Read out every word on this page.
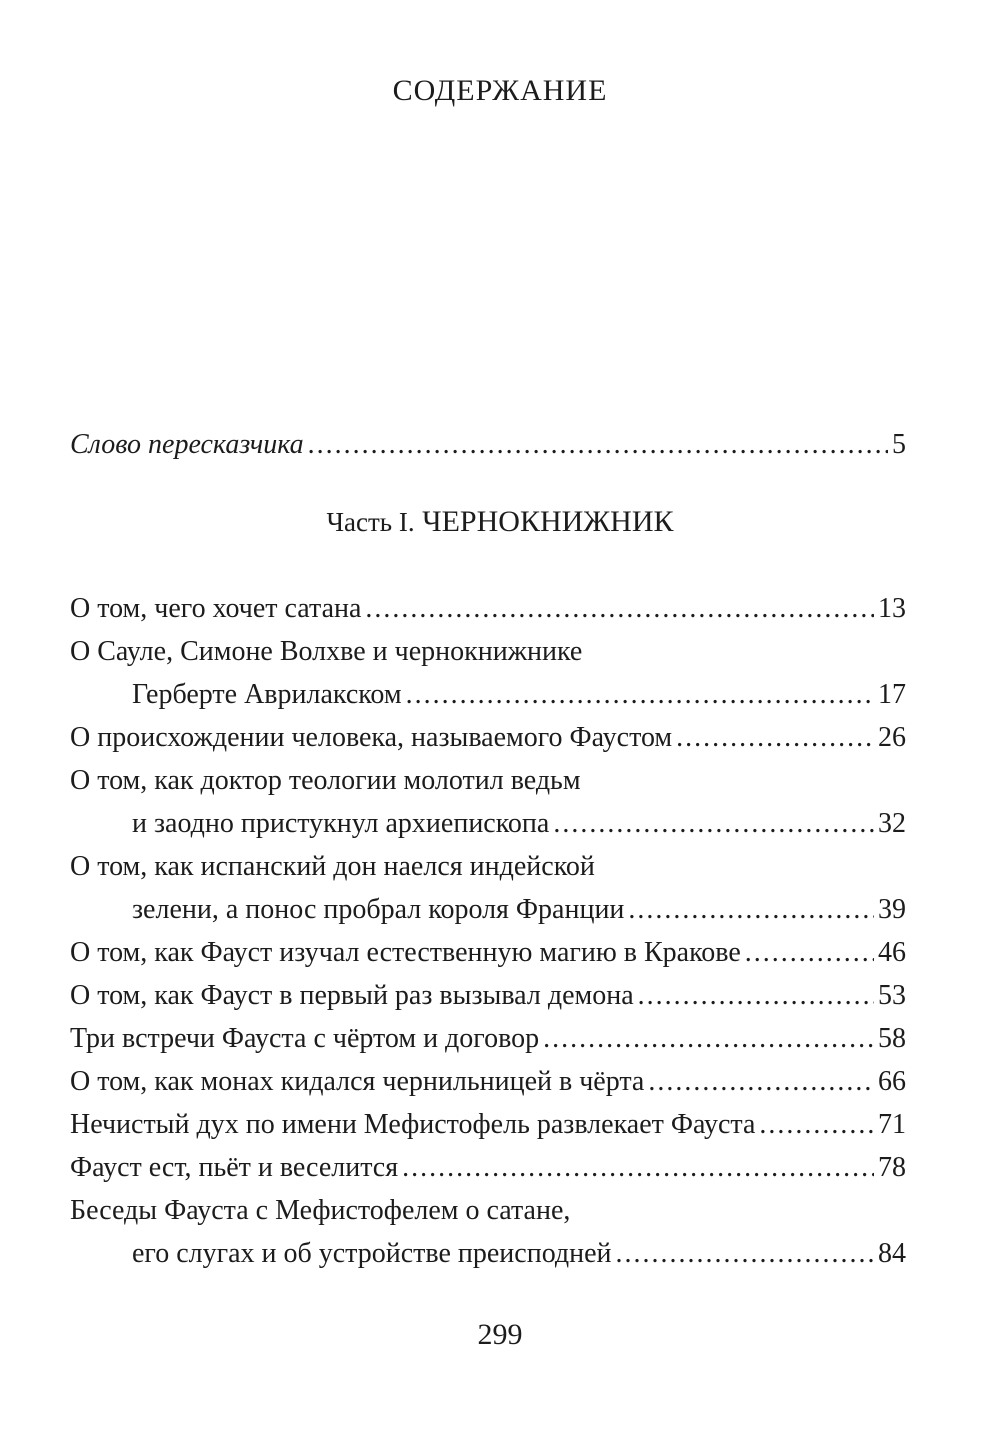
СОДЕРЖАНИЕ
Слово пересказчика .....	5
Часть I. ЧЕРНОКНИЖНИК
О том, чего хочет сатана .....	13
О Сауле, Симоне Волхве и чернокнижнике
Герберте Аврилакском .....	17
О происхождении человека, называемого Фаустом .....	26
О том, как доктор теологии молотил ведьм
и заодно пристукнул архиепископа .....	32
О том, как испанский дон наелся индейской
зелени, а понос пробрал короля Франции .....	39
О том, как Фауст изучал естественную магию в Кракове .....	46
О том, как Фауст в первый раз вызывал демона .....	53
Три встречи Фауста с чёртом и договор .....	58
О том, как монах кидался чернильницей в чёрта .....	66
Нечистый дух по имени Мефистофель развлекает Фауста .....	71
Фауст ест, пьёт и веселится .....	78
Беседы Фауста с Мефистофелем о сатане,
его слугах и об устройстве преисподней .....	84
299
